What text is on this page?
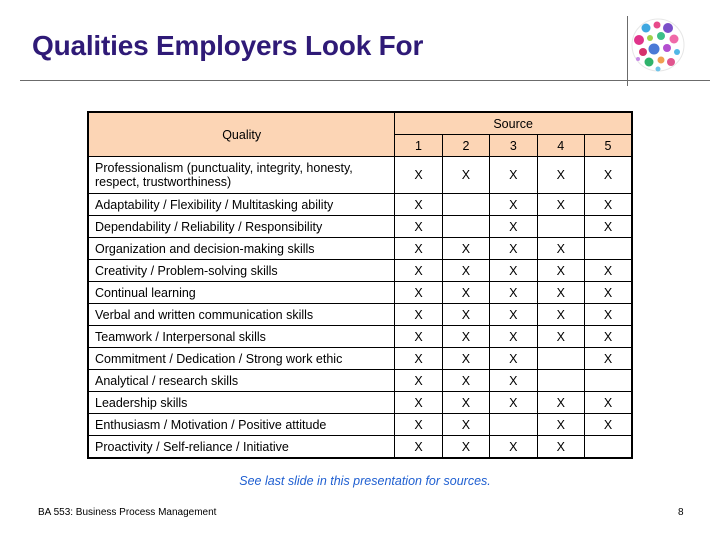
Qualities Employers Look For
Quality	Source				
	1	2	3	4	5
Professionalism (punctuality, integrity, honesty, respect, trustworthiness)	X	X	X	X	X
Adaptability / Flexibility / Multitasking ability	X		X	X	X
Dependability / Reliability / Responsibility	X		X		X
Organization and decision-making skills	X	X	X	X	
Creativity / Problem-solving skills	X	X	X	X	X
Continual learning	X	X	X	X	X
Verbal and written communication skills	X	X	X	X	X
Teamwork / Interpersonal skills	X	X	X	X	X
Commitment / Dedication / Strong work ethic	X	X	X		X
Analytical / research skills	X	X	X		
Leadership skills	X	X	X	X	X
Enthusiasm / Motivation / Positive attitude	X	X		X	X
Proactivity / Self-reliance / Initiative	X	X	X	X	
See last slide in this presentation for sources.
BA 553: Business Process Management	8
